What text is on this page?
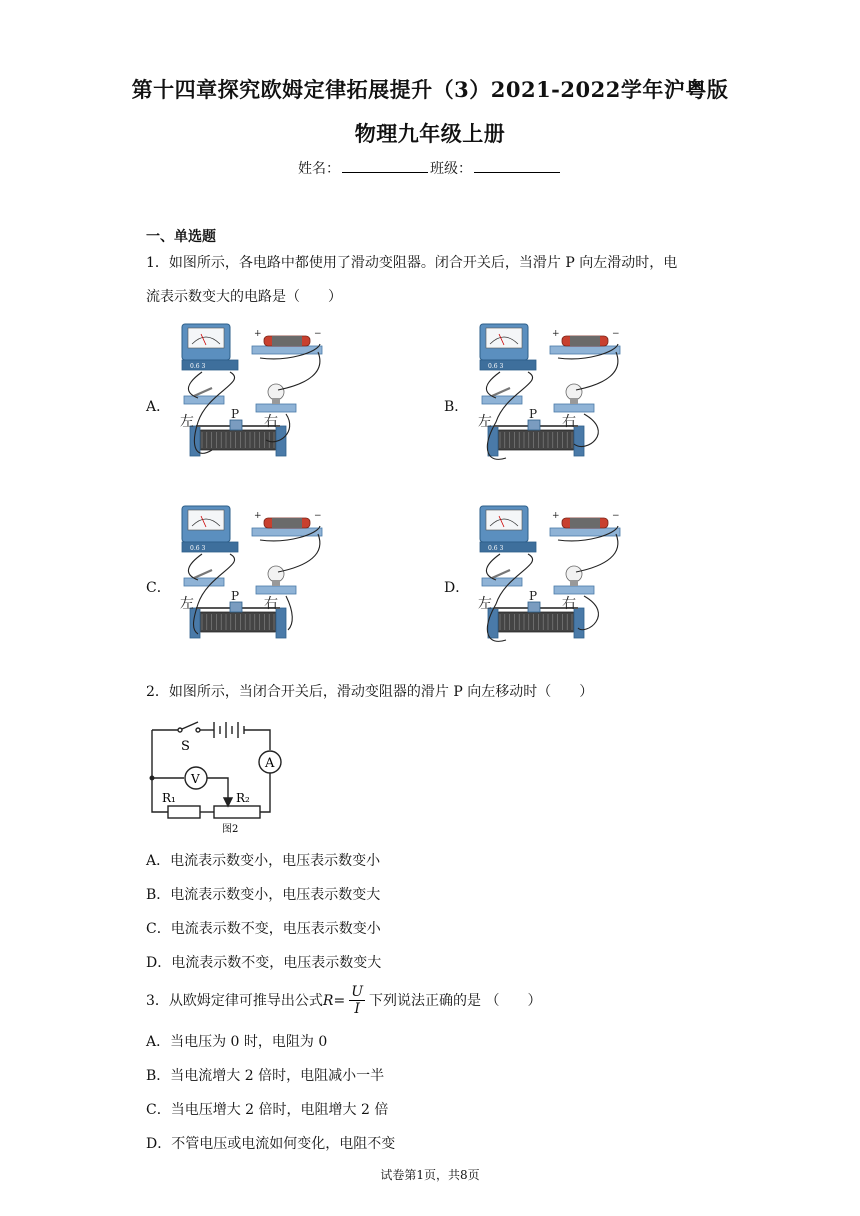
第十四章探究欧姆定律拓展提升（3）2021-2022学年沪粤版
物理九年级上册
姓名：	班级：
一、单选题
1．如图所示，各电路中都使用了滑动变阻器。闭合开关后，当滑片 P 向左滑动时，电
流表示数变大的电路是（　　）
A．	B．
C．	D．
0.6 3
+	−
P
左	右
0.6 3
+	−
P
左	右
0.6 3
+	−
P
左	右
0.6 3
+	−
P
左	右
2．如图所示，当闭合开关后，滑动变阻器的滑片 P 向左移动时（　　）
S
A
V
R₁	R₂
图2
A．电流表示数变小，电压表示数变小
B．电流表示数变小，电压表示数变大
C．电流表示数不变，电压表示数变小
D．电流表示数不变，电压表示数变大
3．从欧姆定律可推导出公式 $R= \frac{U}{I}$ 下列说法正确的是 （　　）
A．当电压为 0 时，电阻为 0
B．当电流增大 2 倍时，电阻减小一半
C．当电压增大 2 倍时，电阻增大 2 倍
D．不管电压或电流如何变化，电阻不变
试卷第1页，共8页
